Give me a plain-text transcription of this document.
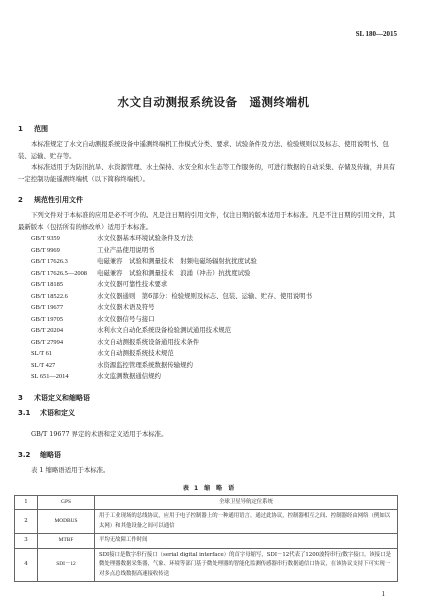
SL 180—2015
水文自动测报系统设备　遥测终端机
1 范围

本标准规定了水文自动测报系统设备中遥测终端机工作模式分类、要求、试验条件及方法、检验规则以及标志、使用说明书、包装、运输、贮存等。

本标准适用于为防汛抗旱、水资源管理、水土保持、水安全和水生态等工作服务的，可进行数据的自动采集、存储及传输，并具有一定控制功能遥测终端机（以下简称终端机）。

2 规范性引用文件

下列文件对于本标准的应用是必不可少的。凡是注日期的引用文件，仅注日期的版本适用于本标准。凡是不注日期的引用文件，其最新版本（包括所有的修改单）适用于本标准。

GB/T 9359	水文仪器基本环境试验条件及方法
GB/T 9969	工业产品使用说明书
GB/T 17626.3	电磁兼容　试验和测量技术　射频电磁场辐射抗扰度试验
GB/T 17626.5—2008 电磁兼容　试验和测量技术　浪涌（冲击）抗扰度试验
GB/T 18185	水文仪器可靠性技术要求
GB/T 18522.6	水文仪器通则　第6部分：检验规则及标志、包装、运输、贮存、使用说明书
GB/T 19677	水文仪器术语及符号
GB/T 19705	水文仪器信号与接口
GB/T 20204	水利水文自动化系统设备检验测试通用技术规范
GB/T 27994	水文自动测报系统设备通用技术条件
SL/T 61	水文自动测报系统技术规范
SL/T 427	水资源监控管理系统数据传输规约
SL 651—2014	水文监测数据通信规约
3 术语定义和缩略语
3.1 术语和定义

GB/T 19677 界定的术语和定义适用于本标准。

3.2 缩略语

表 1 缩略语适用于本标准。

表 1　缩　略　语
1	GPS	全球卫星导航定位系统
2	MODBUS	用于工业现场的总线协议，应用于电子控制器上的一种通用语言。通过此协议，控制器相互之间、控制器经由网络（例如以太网）和其他设备之间可以通信
3	MTBF	平均无故障工作时间
4	SDI－12	SDI接口是数字串行接口（serial digital interface）的首字母缩写，SDI－12代表了1200波特串行/数字接口。该接口是微处理器数据采集器，气象、环境等部门基于微处理器的智能化监测传感器串行数据通信口协议，在该协议支持下可实现一对多点总线数据高速接收传送
1
